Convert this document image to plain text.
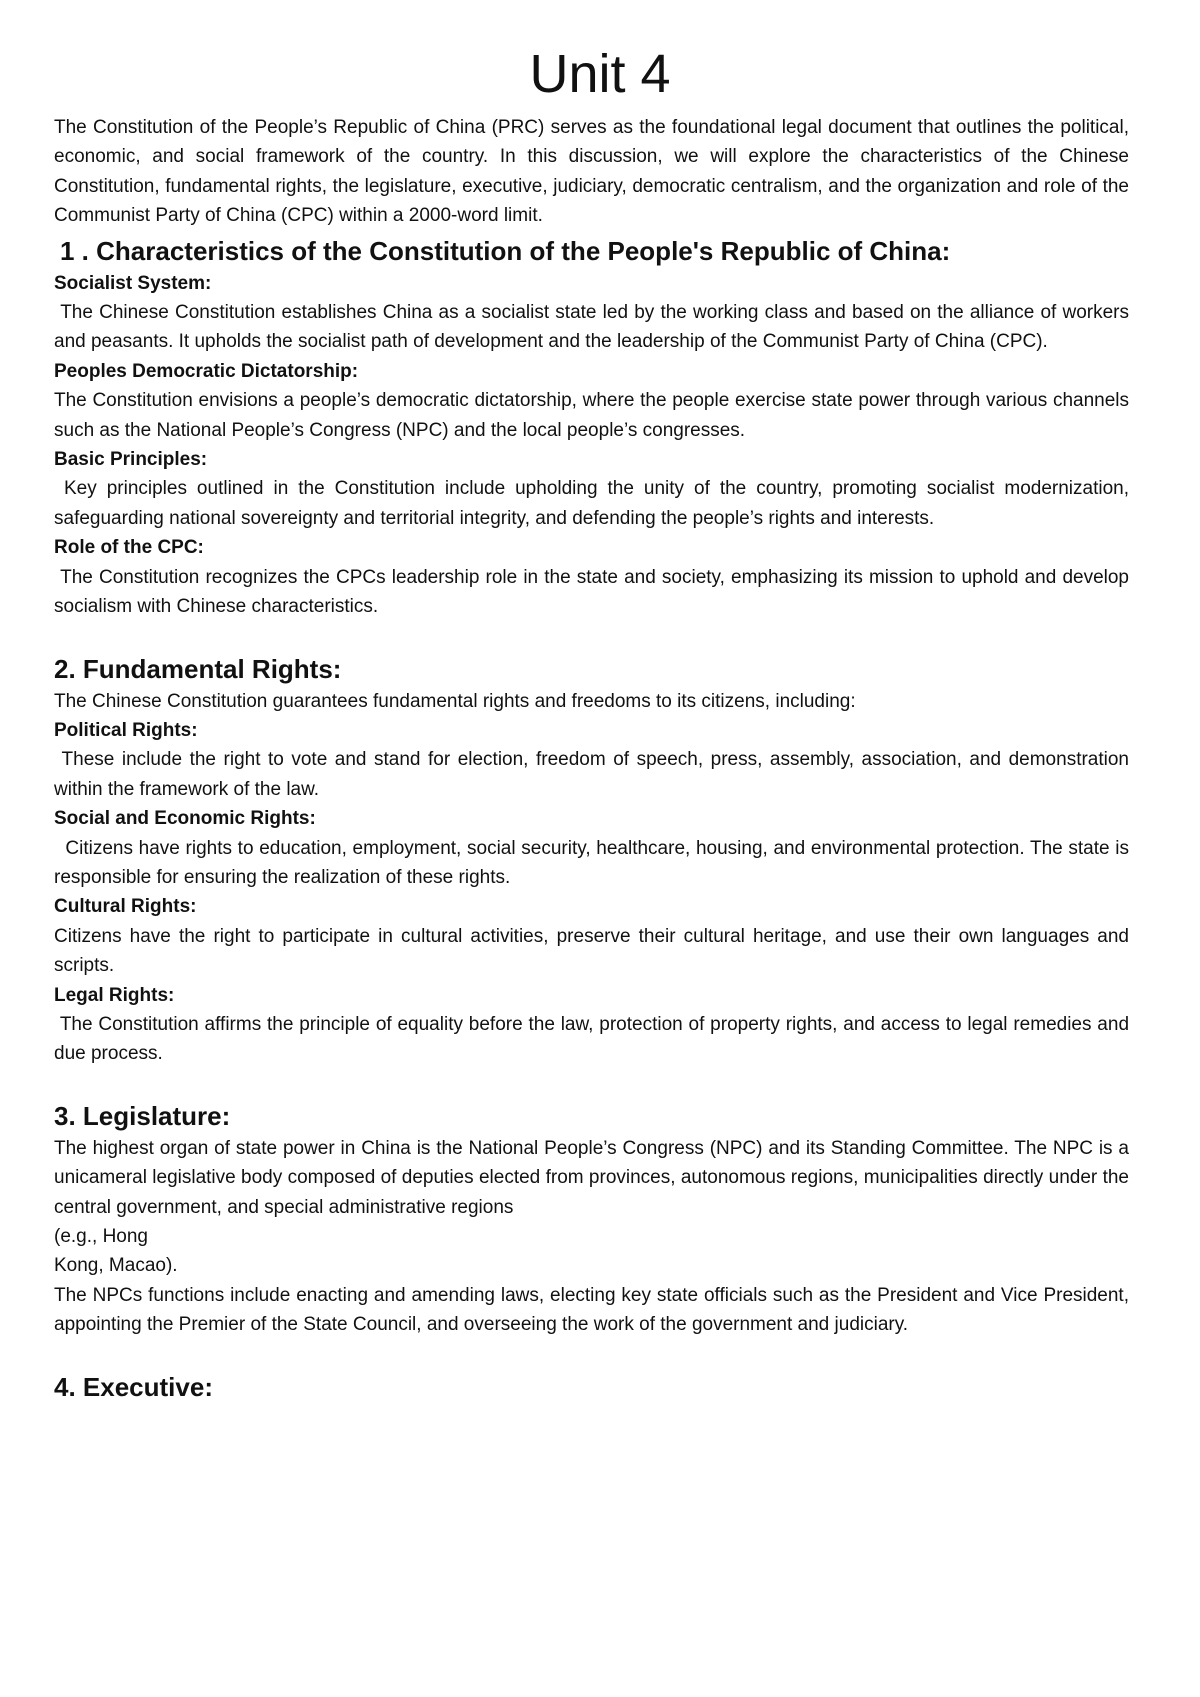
Unit 4

The Constitution of the People’s Republic of China (PRC) serves as the foundational legal document that outlines the political, economic, and social framework of the country. In this discussion, we will explore the characteristics of the Chinese Constitution, fundamental rights, the legislature, executive, judiciary, democratic centralism, and the organization and role of the Communist Party of China (CPC) within a 2000-word limit.

1 . Characteristics of the Constitution of the People's Republic of China:
Socialist System:

The Chinese Constitution establishes China as a socialist state led by the working class and based on the alliance of workers and peasants. It upholds the socialist path of development and the leadership of the Communist Party of China (CPC).

Peoples Democratic Dictatorship:

The Constitution envisions a people’s democratic dictatorship, where the people exercise state power through various channels such as the National People’s Congress (NPC) and the local people’s congresses.

Basic Principles:

Key principles outlined in the Constitution include upholding the unity of the country, promoting socialist modernization, safeguarding national sovereignty and territorial integrity, and defending the people’s rights and interests.

Role of the CPC:

The Constitution recognizes the CPCs leadership role in the state and society, emphasizing its mission to uphold and develop socialism with Chinese characteristics.

2. Fundamental Rights:

The Chinese Constitution guarantees fundamental rights and freedoms to its citizens, including:

Political Rights:

These include the right to vote and stand for election, freedom of speech, press, assembly, association, and demonstration within the framework of the law.

Social and Economic Rights:

Citizens have rights to education, employment, social security, healthcare, housing, and environmental protection. The state is responsible for ensuring the realization of these rights.

Cultural Rights:

Citizens have the right to participate in cultural activities, preserve their cultural heritage, and use their own languages and scripts.

Legal Rights:

The Constitution affirms the principle of equality before the law, protection of property rights, and access to legal remedies and due process.

3. Legislature:

The highest organ of state power in China is the National People’s Congress (NPC) and its Standing Committee. The NPC is a unicameral legislative body composed of deputies elected from provinces, autonomous regions, municipalities directly under the central government, and special administrative regions

(e.g., Hong

Kong, Macao).

The NPCs functions include enacting and amending laws, electing key state officials such as the President and Vice President, appointing the Premier of the State Council, and overseeing the work of the government and judiciary.

4. Executive:
